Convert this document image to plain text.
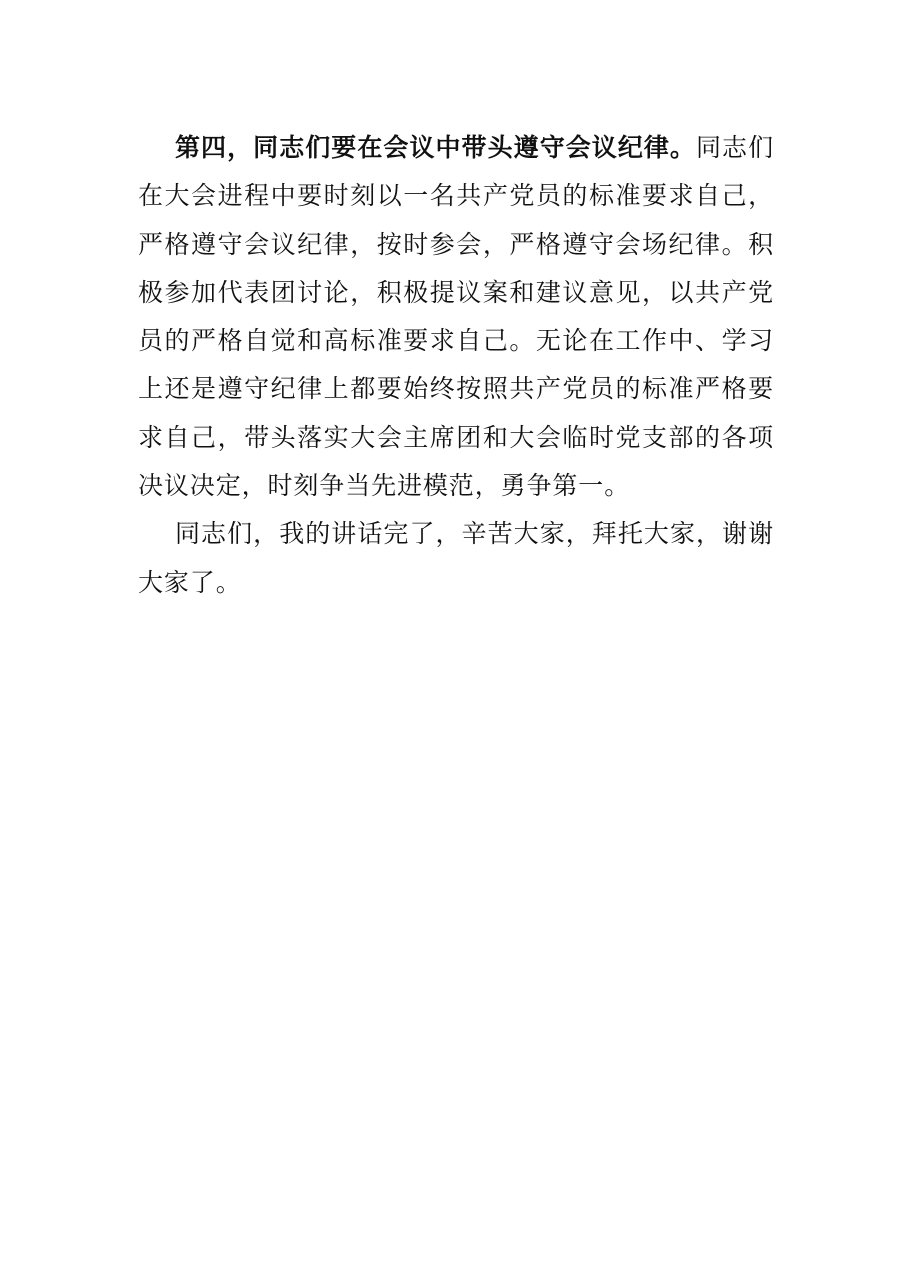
第四，同志们要在会议中带头遵守会议纪律。同志们在大会进程中要时刻以一名共产党员的标准要求自己，严格遵守会议纪律，按时参会，严格遵守会场纪律。积极参加代表团讨论，积极提议案和建议意见，以共产党员的严格自觉和高标准要求自己。无论在工作中、学习上还是遵守纪律上都要始终按照共产党员的标准严格要求自己，带头落实大会主席团和大会临时党支部的各项决议决定，时刻争当先进模范，勇争第一。

同志们，我的讲话完了，辛苦大家，拜托大家，谢谢大家了。
